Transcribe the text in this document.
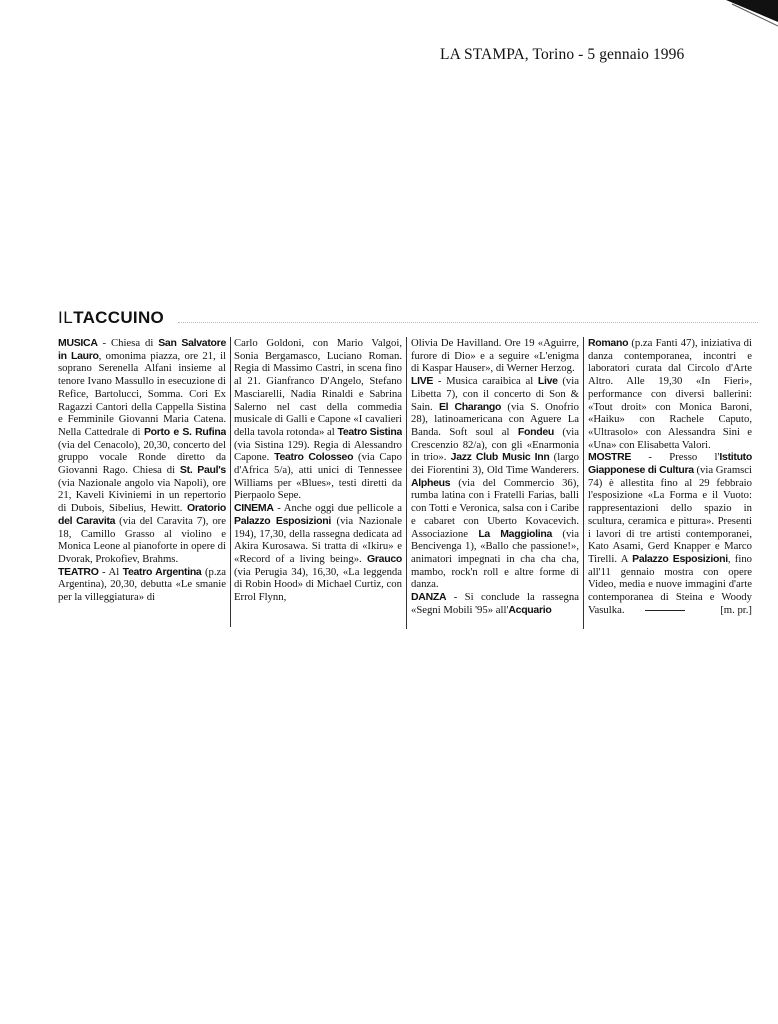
LA STAMPA, Torino - 5 gennaio 1996
ILTACCUINO

MUSICA - Chiesa di San Salvatore in Lauro, omonima piazza, ore 21, il soprano Serenella Alfani insieme al tenore Ivano Massullo in esecuzione di Refice, Bartolucci, Somma. Cori Ex Ragazzi Cantori della Cappella Sistina e Femminile Giovanni Maria Catena. Nella Cattedrale di Porto e S. Rufina (via del Cenacolo), 20,30, concerto del gruppo vocale Ronde diretto da Giovanni Rago. Chiesa di St. Paul's (via Nazionale angolo via Napoli), ore 21, Kaveli Kiviniemi in un repertorio di Dubois, Sibelius, Hewitt. Oratorio del Caravita (via del Caravita 7), ore 18, Camillo Grasso al violino e Monica Leone al pianoforte in opere di Dvorak, Prokofiev, Brahms.

TEATRO - Al Teatro Argentina (p.za Argentina), 20,30, debutta «Le smanie per la villeggiatura» di

Carlo Goldoni, con Mario Valgoi, Sonia Bergamasco, Luciano Roman. Regia di Massimo Castri, in scena fino al 21. Gianfranco D'Angelo, Stefano Masciarelli, Nadia Rinaldi e Sabrina Salerno nel cast della commedia musicale di Galli e Capone «I cavalieri della tavola rotonda» al Teatro Sistina (via Sistina 129). Regia di Alessandro Capone. Teatro Colosseo (via Capo d'Africa 5/a), atti unici di Tennessee Williams per «Blues», testi diretti da Pierpaolo Sepe.

CINEMA - Anche oggi due pellicole a Palazzo Esposizioni (via Nazionale 194), 17,30, della rassegna dedicata ad Akira Kurosawa. Si tratta di «Ikiru» e «Record of a living being». Grauco (via Perugia 34), 16,30, «La leggenda di Robin Hood» di Michael Curtiz, con Errol Flynn,

Olivia De Havilland. Ore 19 «Aguirre, furore di Dio» e a seguire «L'enigma di Kaspar Hauser», di Werner Herzog.

LIVE - Musica caraibica al Live (via Libetta 7), con il concerto di Son & Sain. El Charango (via S. Onofrio 28), latinoamericana con Aguere La Banda. Soft soul al Fondeu (via Crescenzio 82/a), con gli «Enarmonia in trio». Jazz Club Music Inn (largo dei Fiorentini 3), Old Time Wanderers. Alpheus (via del Commercio 36), rumba latina con i Fratelli Farias, balli con Totti e Veronica, salsa con i Caribe e cabaret con Uberto Kovacevich. Associazione La Maggiolina (via Bencivenga 1), «Ballo che passione!», animatori impegnati in cha cha cha, mambo, rock'n roll e altre forme di danza.

DANZA - Si conclude la rassegna «Segni Mobili '95» all'Acquario

Romano (p.za Fanti 47), iniziativa di danza contemporanea, incontri e laboratori curata dal Circolo d'Arte Altro. Alle 19,30 «In Fieri», performance con diversi ballerini: «Tout droit» con Monica Baroni, «Haiku» con Rachele Caputo, «Ultrasolo» con Alessandra Sini e «Una» con Elisabetta Valori.

MOSTRE - Presso l'Istituto Giapponese di Cultura (via Gramsci 74) è allestita fino al 29 febbraio l'esposizione «La Forma e il Vuoto: rappresentazioni dello spazio in scultura, ceramica e pittura». Presenti i lavori di tre artisti contemporanei, Kato Asami, Gerd Knapper e Marco Tirelli. A Palazzo Esposizioni, fino all'11 gennaio mostra con opere Video, media e nuove immagini d'arte contemporanea di Steina e Woody Vasulka.	[m. pr.]
